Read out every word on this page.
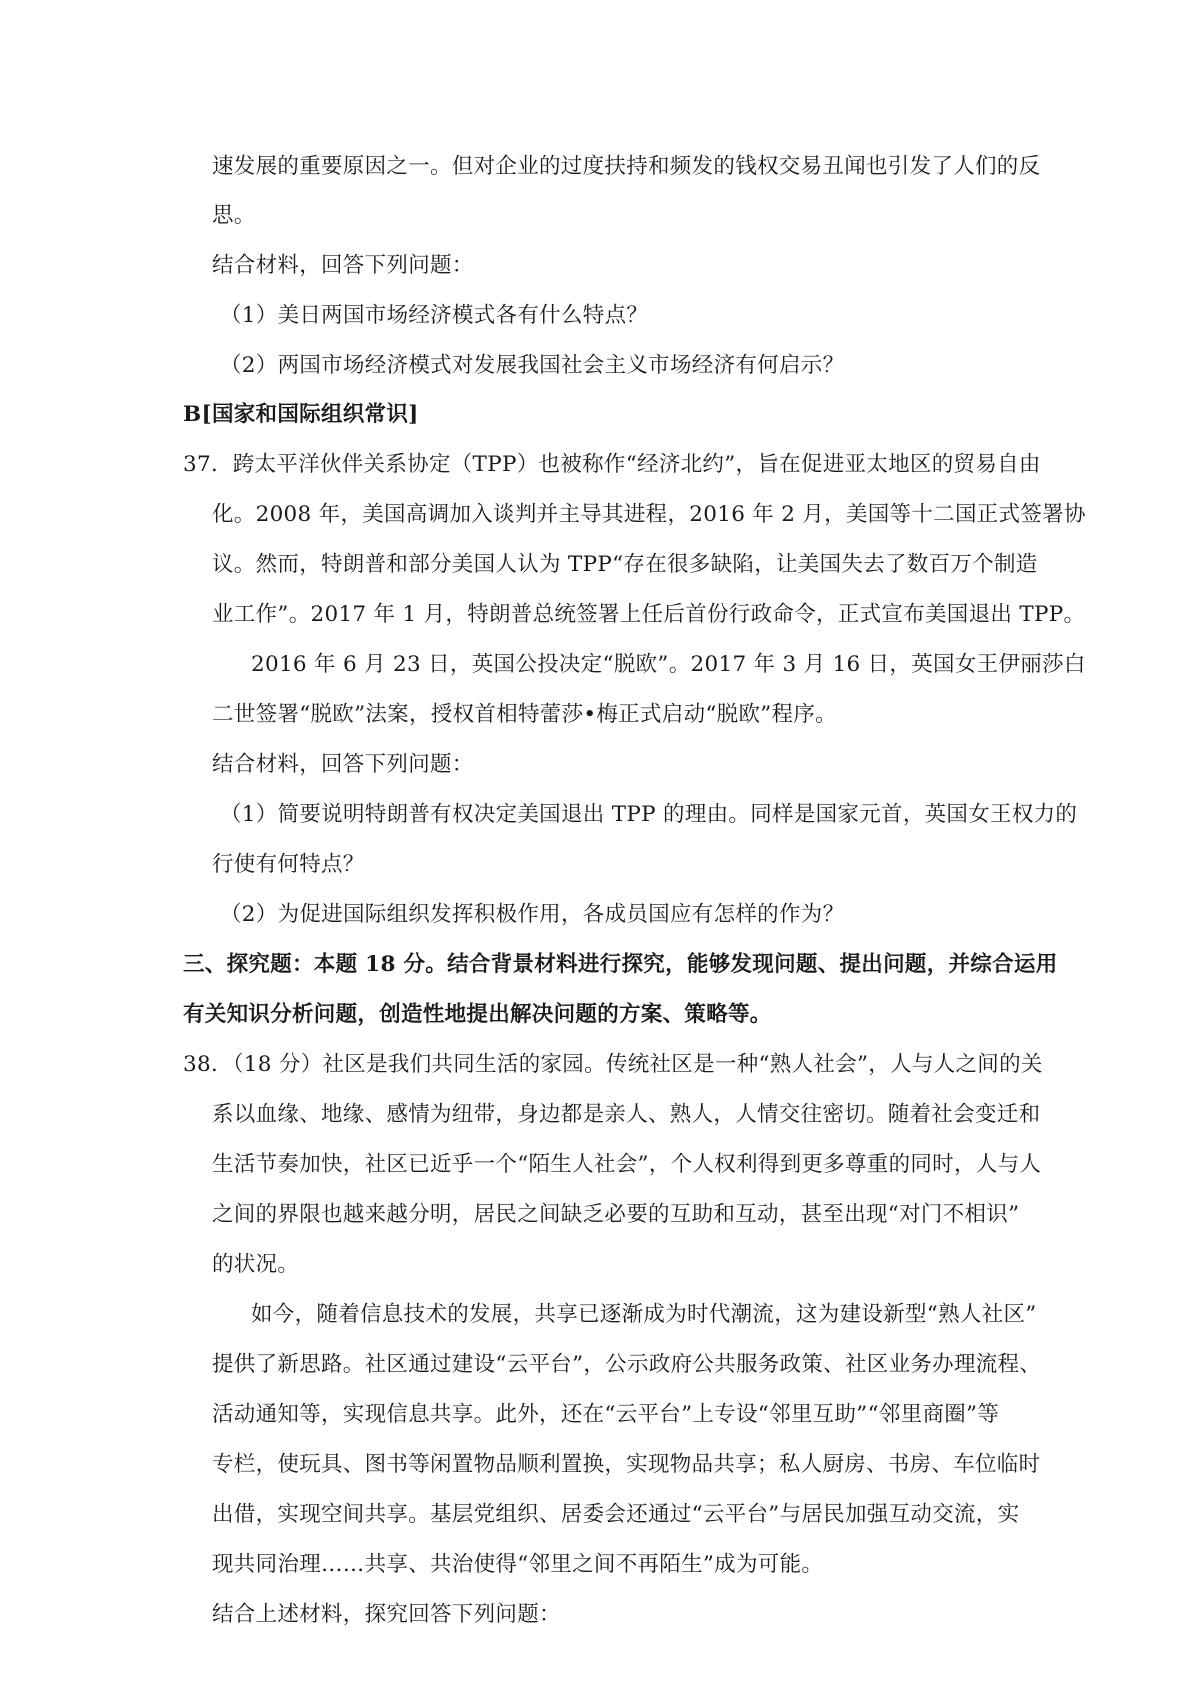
速发展的重要原因之一。但对企业的过度扶持和频发的钱权交易丑闻也引发了人们的反
思。
结合材料，回答下列问题：
（1）美日两国市场经济模式各有什么特点？
（2）两国市场经济模式对发展我国社会主义市场经济有何启示？
B[国家和国际组织常识]
37．跨太平洋伙伴关系协定（TPP）也被称作“经济北约”，旨在促进亚太地区的贸易自由
化。2008 年，美国高调加入谈判并主导其进程，2016 年 2 月，美国等十二国正式签署协
议。然而，特朗普和部分美国人认为 TPP“存在很多缺陷，让美国失去了数百万个制造
业工作”。2017 年 1 月，特朗普总统签署上任后首份行政命令，正式宣布美国退出 TPP。
2016 年 6 月 23 日，英国公投决定“脱欧”。2017 年 3 月 16 日，英国女王伊丽莎白
二世签署“脱欧”法案，授权首相特蕾莎•梅正式启动“脱欧”程序。
结合材料，回答下列问题：
（1）简要说明特朗普有权决定美国退出 TPP 的理由。同样是国家元首，英国女王权力的
行使有何特点？
（2）为促进国际组织发挥积极作用，各成员国应有怎样的作为？
三、探究题：本题 18 分。结合背景材料进行探究，能够发现问题、提出问题，并综合运用
有关知识分析问题，创造性地提出解决问题的方案、策略等。
38．（18 分）社区是我们共同生活的家园。传统社区是一种“熟人社会”，人与人之间的关
系以血缘、地缘、感情为纽带，身边都是亲人、熟人，人情交往密切。随着社会变迁和
生活节奏加快，社区已近乎一个“陌生人社会”，个人权利得到更多尊重的同时，人与人
之间的界限也越来越分明，居民之间缺乏必要的互助和互动，甚至出现“对门不相识”
的状况。
如今，随着信息技术的发展，共享已逐渐成为时代潮流，这为建设新型“熟人社区”
提供了新思路。社区通过建设“云平台”，公示政府公共服务政策、社区业务办理流程、
活动通知等，实现信息共享。此外，还在“云平台”上专设“邻里互助”“邻里商圈”等
专栏，使玩具、图书等闲置物品顺利置换，实现物品共享；私人厨房、书房、车位临时
出借，实现空间共享。基层党组织、居委会还通过“云平台”与居民加强互动交流，实
现共同治理……共享、共治使得“邻里之间不再陌生”成为可能。
结合上述材料，探究回答下列问题：
